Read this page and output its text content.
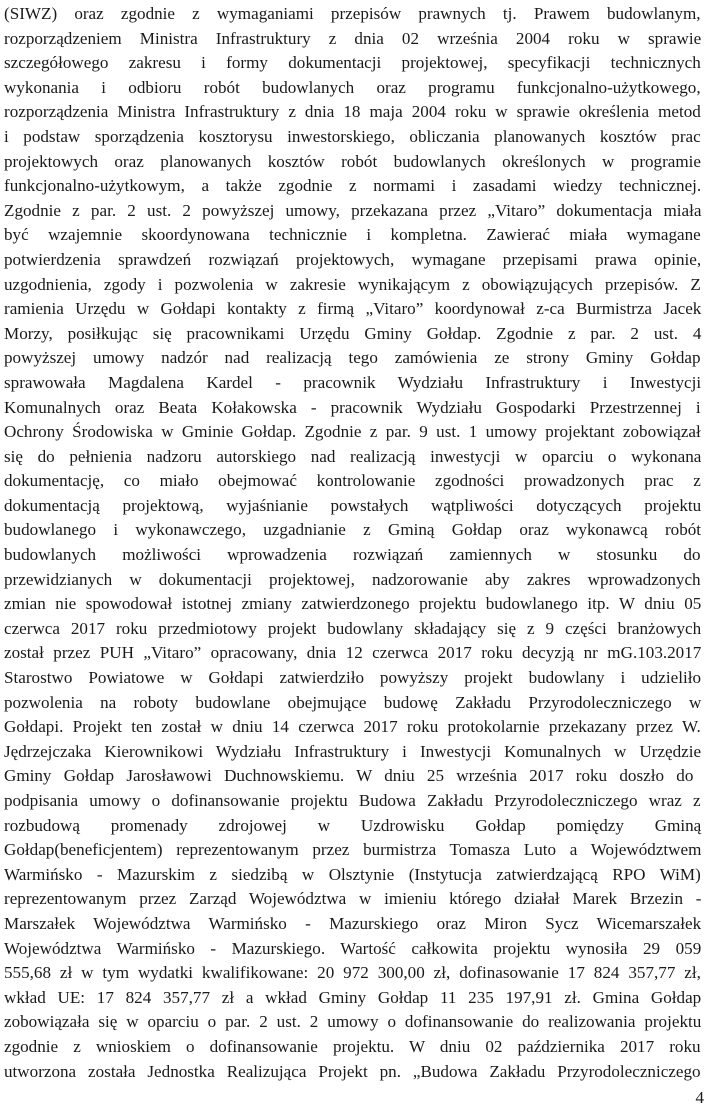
(SIWZ) oraz zgodnie z wymaganiami przepisów prawnych tj. Prawem budowlanym,
rozporządzeniem Ministra Infrastruktury z dnia 02 września 2004 roku w sprawie
szczegółowego zakresu i formy dokumentacji projektowej, specyfikacji technicznych
wykonania i odbioru robót budowlanych oraz programu funkcjonalno-użytkowego,
rozporządzenia Ministra Infrastruktury z dnia 18 maja 2004 roku w sprawie określenia metod
i podstaw sporządzenia kosztorysu inwestorskiego, obliczania planowanych kosztów prac
projektowych oraz planowanych kosztów robót budowlanych określonych w programie
funkcjonalno-użytkowym, a także zgodnie z normami i zasadami wiedzy technicznej.
Zgodnie z par. 2 ust. 2 powyższej umowy, przekazana przez „Vitaro” dokumentacja miała
być wzajemnie skoordynowana technicznie i kompletna. Zawierać miała wymagane
potwierdzenia sprawdzeń rozwiązań projektowych, wymagane przepisami prawa opinie,
uzgodnienia, zgody i pozwolenia w zakresie wynikającym z obowiązujących przepisów. Z
ramienia Urzędu w Gołdapi kontakty z firmą „Vitaro” koordynował z-ca Burmistrza Jacek
Morzy, posiłkując się pracownikami Urzędu Gminy Gołdap. Zgodnie z par. 2 ust. 4
powyższej umowy nadzór nad realizacją tego zamówienia ze strony Gminy Gołdap
sprawowała Magdalena Kardel - pracownik Wydziału Infrastruktury i Inwestycji
Komunalnych oraz Beata Kołakowska - pracownik Wydziału Gospodarki Przestrzennej i
Ochrony Środowiska w Gminie Gołdap. Zgodnie z par. 9 ust. 1 umowy projektant zobowiązał
się do pełnienia nadzoru autorskiego nad realizacją inwestycji w oparciu o wykonana
dokumentację, co miało obejmować kontrolowanie zgodności prowadzonych prac z
dokumentacją projektową, wyjaśnianie powstałych wątpliwości dotyczących projektu
budowlanego i wykonawczego, uzgadnianie z Gminą Gołdap oraz wykonawcą robót
budowlanych możliwości wprowadzenia rozwiązań zamiennych w stosunku do
przewidzianych w dokumentacji projektowej, nadzorowanie aby zakres wprowadzonych
zmian nie spowodował istotnej zmiany zatwierdzonego projektu budowlanego itp. W dniu 05
czerwca 2017 roku przedmiotowy projekt budowlany składający się z 9 części branżowych
został przez PUH „Vitaro” opracowany, dnia 12 czerwca 2017 roku decyzją nr mG.103.2017
Starostwo Powiatowe w Gołdapi zatwierdziło powyższy projekt budowlany i udzieliło
pozwolenia na roboty budowlane obejmujące budowę Zakładu Przyrodoleczniczego w
Gołdapi. Projekt ten został w dniu 14 czerwca 2017 roku protokolarnie przekazany przez W.
Jędrzejczaka Kierownikowi Wydziału Infrastruktury i Inwestycji Komunalnych w Urzędzie
Gminy Gołdap Jarosławowi Duchnowskiemu. W dniu 25 września 2017 roku doszło do
podpisania umowy o dofinansowanie projektu Budowa Zakładu Przyrodoleczniczego wraz z
rozbudową promenady zdrojowej w Uzdrowisku Gołdap pomiędzy Gminą
Gołdap(beneficjentem) reprezentowanym przez burmistrza Tomasza Luto a Województwem
Warmińsko - Mazurskim z siedzibą w Olsztynie (Instytucja zatwierdzającą RPO WiM)
reprezentowanym przez Zarząd Województwa w imieniu którego działał Marek Brzezin -
Marszałek Województwa Warmińsko - Mazurskiego oraz Miron Sycz Wicemarszałek
Województwa Warmińsko - Mazurskiego. Wartość całkowita projektu wynosiła 29 059
555,68 zł w tym wydatki kwalifikowane: 20 972 300,00 zł, dofinasowanie 17 824 357,77 zł,
wkład UE: 17 824 357,77 zł a wkład Gminy Gołdap 11 235 197,91 zł. Gmina Gołdap
zobowiązała się w oparciu o par. 2 ust. 2 umowy o dofinansowanie do realizowania projektu
zgodnie z wnioskiem o dofinansowanie projektu. W dniu 02 października 2017 roku
utworzona została Jednostka Realizująca Projekt pn. „Budowa Zakładu Przyrodoleczniczego
4
